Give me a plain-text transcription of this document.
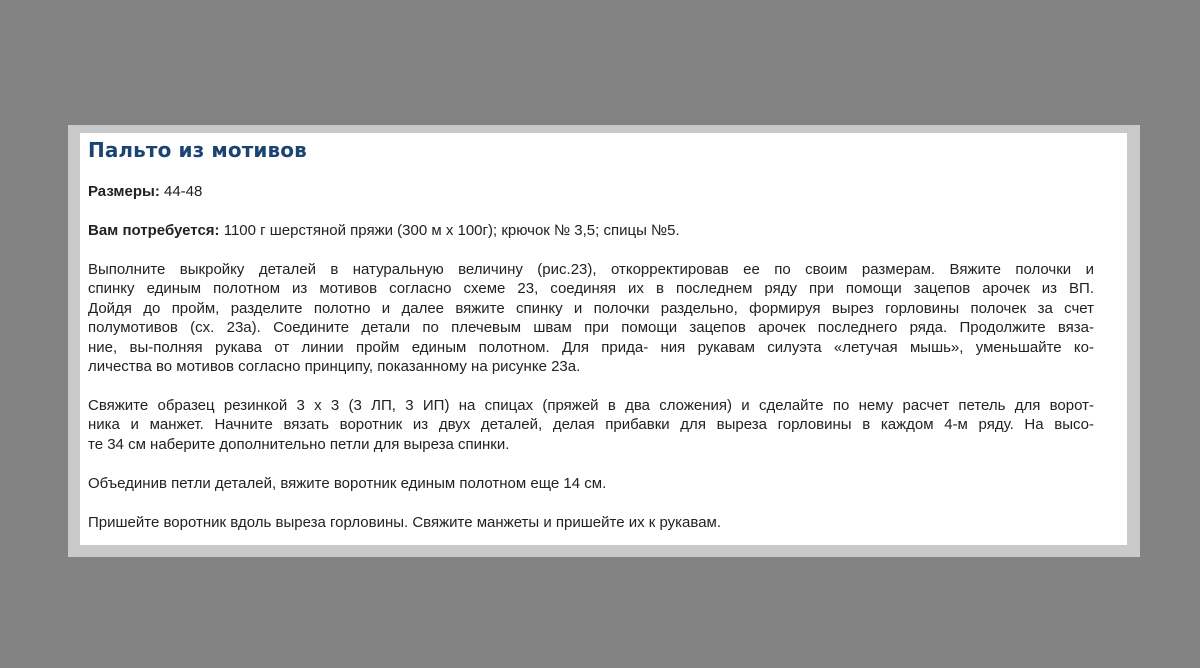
Пальто из мотивов

Размеры: 44-48

Вам потребуется: 1100 г шерстяной пряжи (300 м х 100г); крючок № 3,5; спицы №5.

Выполните выкройку деталей в натуральную величину (рис.23), откорректировав ее по своим размерам. Вяжите полочки и
спинку единым полотном из мотивов согласно схеме 23, соединяя их в последнем ряду при помощи зацепов арочек из ВП.
Дойдя до пройм, разделите полотно и далее вяжите спинку и полочки раздельно, формируя вырез горловины полочек за счет
полумотивов (сх. 23а). Соедините детали по плечевым швам при помощи зацепов арочек последнего ряда. Продолжите вяза-
ние, вы-полняя рукава от линии пройм единым полотном. Для прида- ния рукавам силуэта «летучая мышь», уменьшайте ко-
личества во мотивов согласно принципу, показанному на рисунке 23а.

Свяжите образец резинкой 3 х 3 (3 ЛП, 3 ИП) на спицах (пряжей в два сложения) и сделайте по нему расчет петель для ворот-
ника и манжет. Начните вязать воротник из двух деталей, делая прибавки для выреза горловины в каждом 4-м ряду. На высо-
те 34 см наберите дополнительно петли для выреза спинки.

Объединив петли деталей, вяжите воротник единым полотном еще 14 см.

Пришейте воротник вдоль выреза горловины. Свяжите манжеты и пришейте их к рукавам.
